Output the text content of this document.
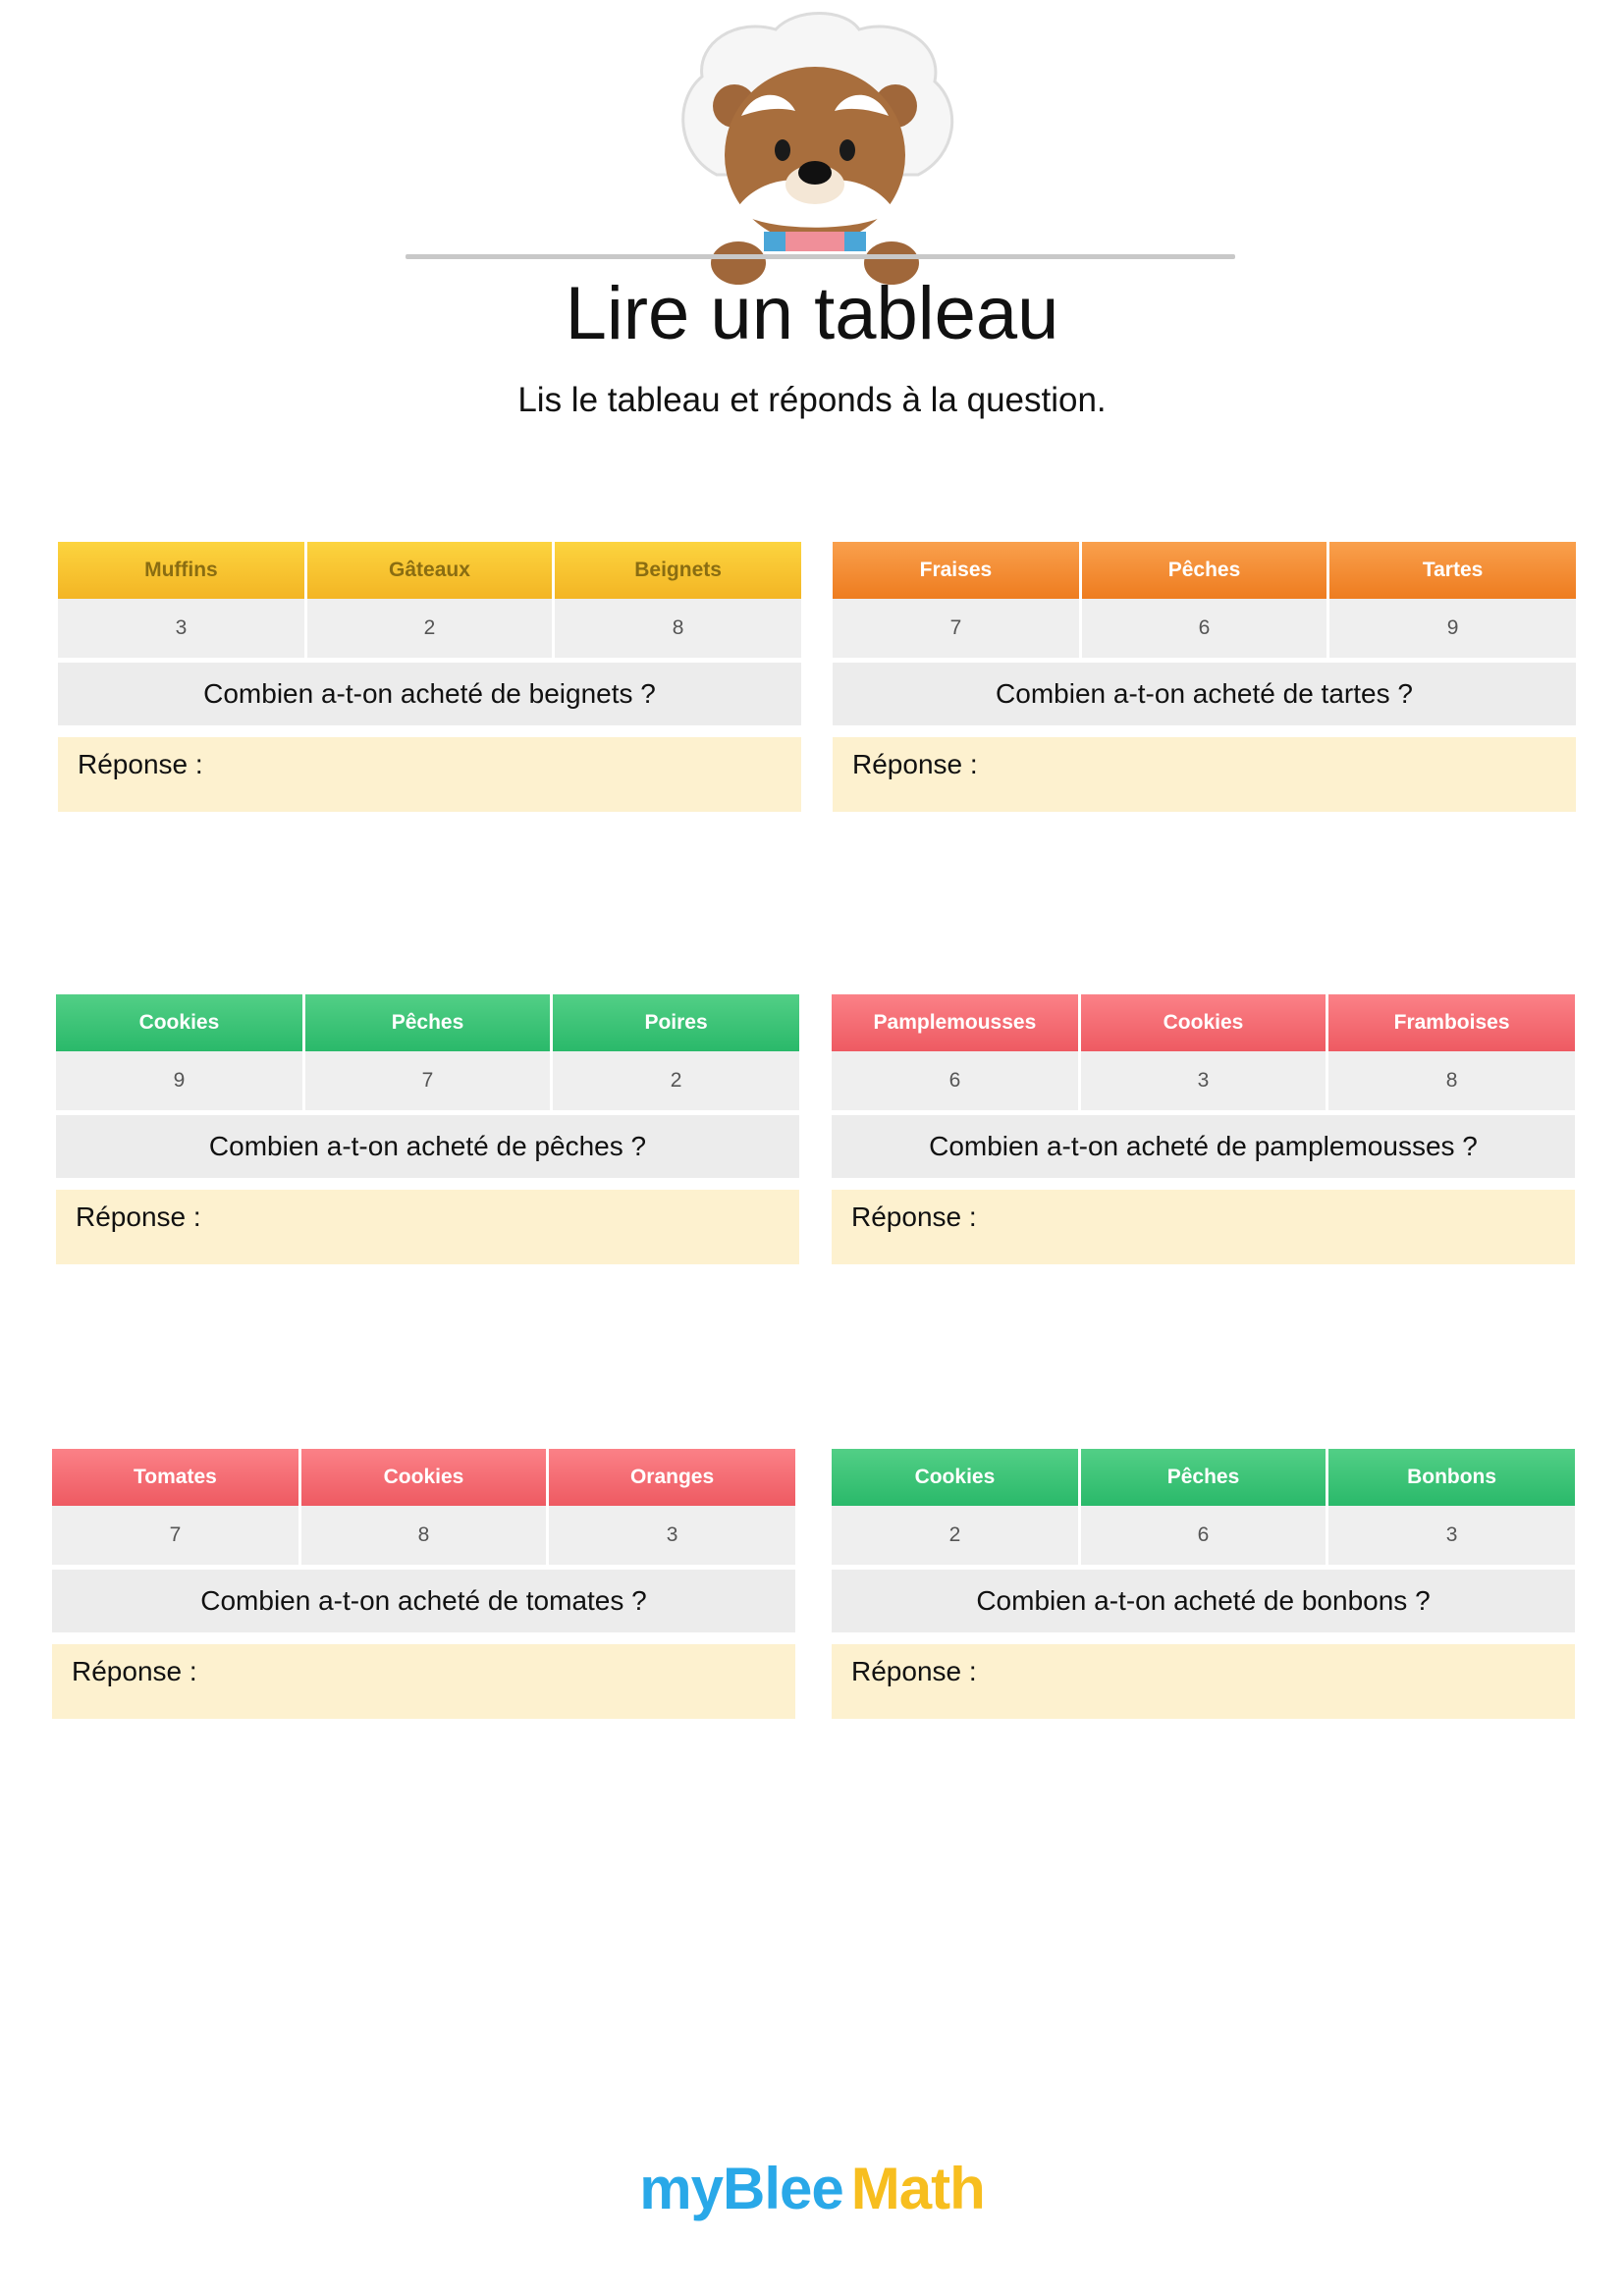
Lire un tableau
Lis le tableau et réponds à la question.
Muffins	Gâteaux	Beignets
3	2	8
Combien a-t-on acheté de beignets ?
Réponse :
Fraises	Pêches	Tartes
7	6	9
Combien a-t-on acheté de tartes ?
Réponse :
Cookies	Pêches	Poires
9	7	2
Combien a-t-on acheté de pêches ?
Réponse :
Pamplemousses	Cookies	Framboises
6	3	8
Combien a-t-on acheté de pamplemousses ?
Réponse :
Tomates	Cookies	Oranges
7	8	3
Combien a-t-on acheté de tomates ?
Réponse :
Cookies	Pêches	Bonbons
2	6	3
Combien a-t-on acheté de bonbons ?
Réponse :
myBlee Math
